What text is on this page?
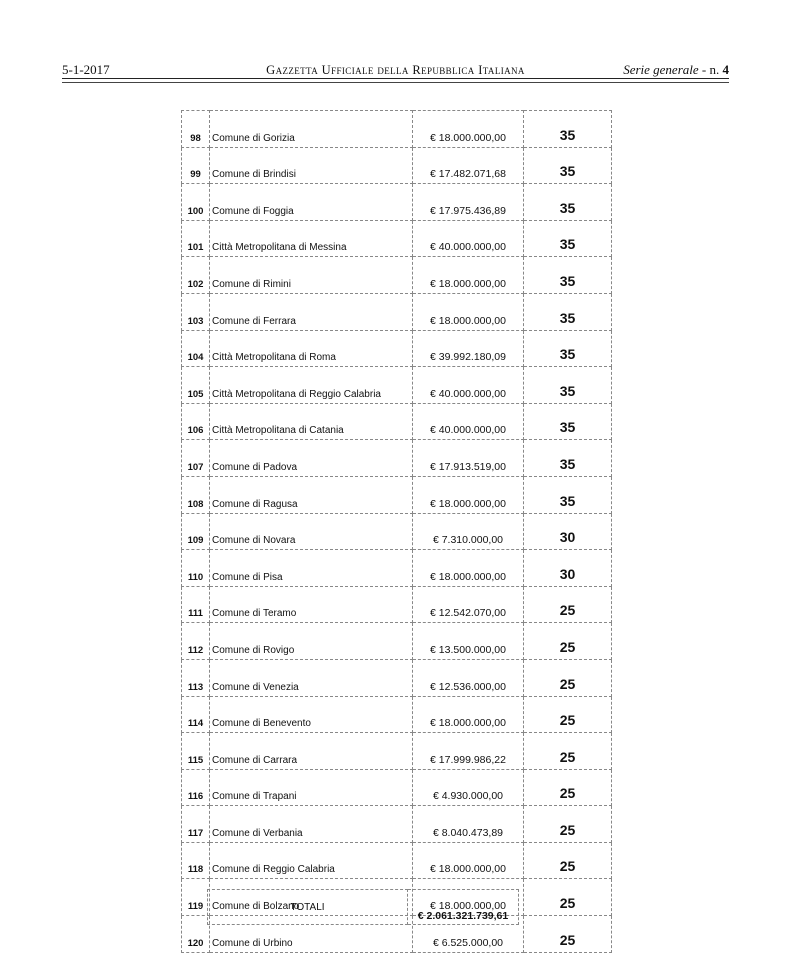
5-1-2017	Gazzetta Ufficiale della Repubblica Italiana	Serie generale - n. 4
98	Comune di Gorizia	€ 18.000.000,00	35
99	Comune di Brindisi	€ 17.482.071,68	35
100	Comune di Foggia	€ 17.975.436,89	35
101	Città Metropolitana di Messina	€ 40.000.000,00	35
102	Comune di Rimini	€ 18.000.000,00	35
103	Comune di Ferrara	€ 18.000.000,00	35
104	Città Metropolitana di Roma	€ 39.992.180,09	35
105	Città Metropolitana di Reggio Calabria	€ 40.000.000,00	35
106	Città Metropolitana di Catania	€ 40.000.000,00	35
107	Comune di Padova	€ 17.913.519,00	35
108	Comune di Ragusa	€ 18.000.000,00	35
109	Comune di Novara	€ 7.310.000,00	30
110	Comune di Pisa	€ 18.000.000,00	30
111	Comune di Teramo	€ 12.542.070,00	25
112	Comune di Rovigo	€ 13.500.000,00	25
113	Comune di Venezia	€ 12.536.000,00	25
114	Comune di Benevento	€ 18.000.000,00	25
115	Comune di Carrara	€ 17.999.986,22	25
116	Comune di Trapani	€ 4.930.000,00	25
117	Comune di Verbania	€ 8.040.473,89	25
118	Comune di Reggio Calabria	€ 18.000.000,00	25
119	Comune di Bolzano	€ 18.000.000,00	25
120	Comune di Urbino	€ 6.525.000,00	25
TOTALI	€ 2.061.321.739,61
